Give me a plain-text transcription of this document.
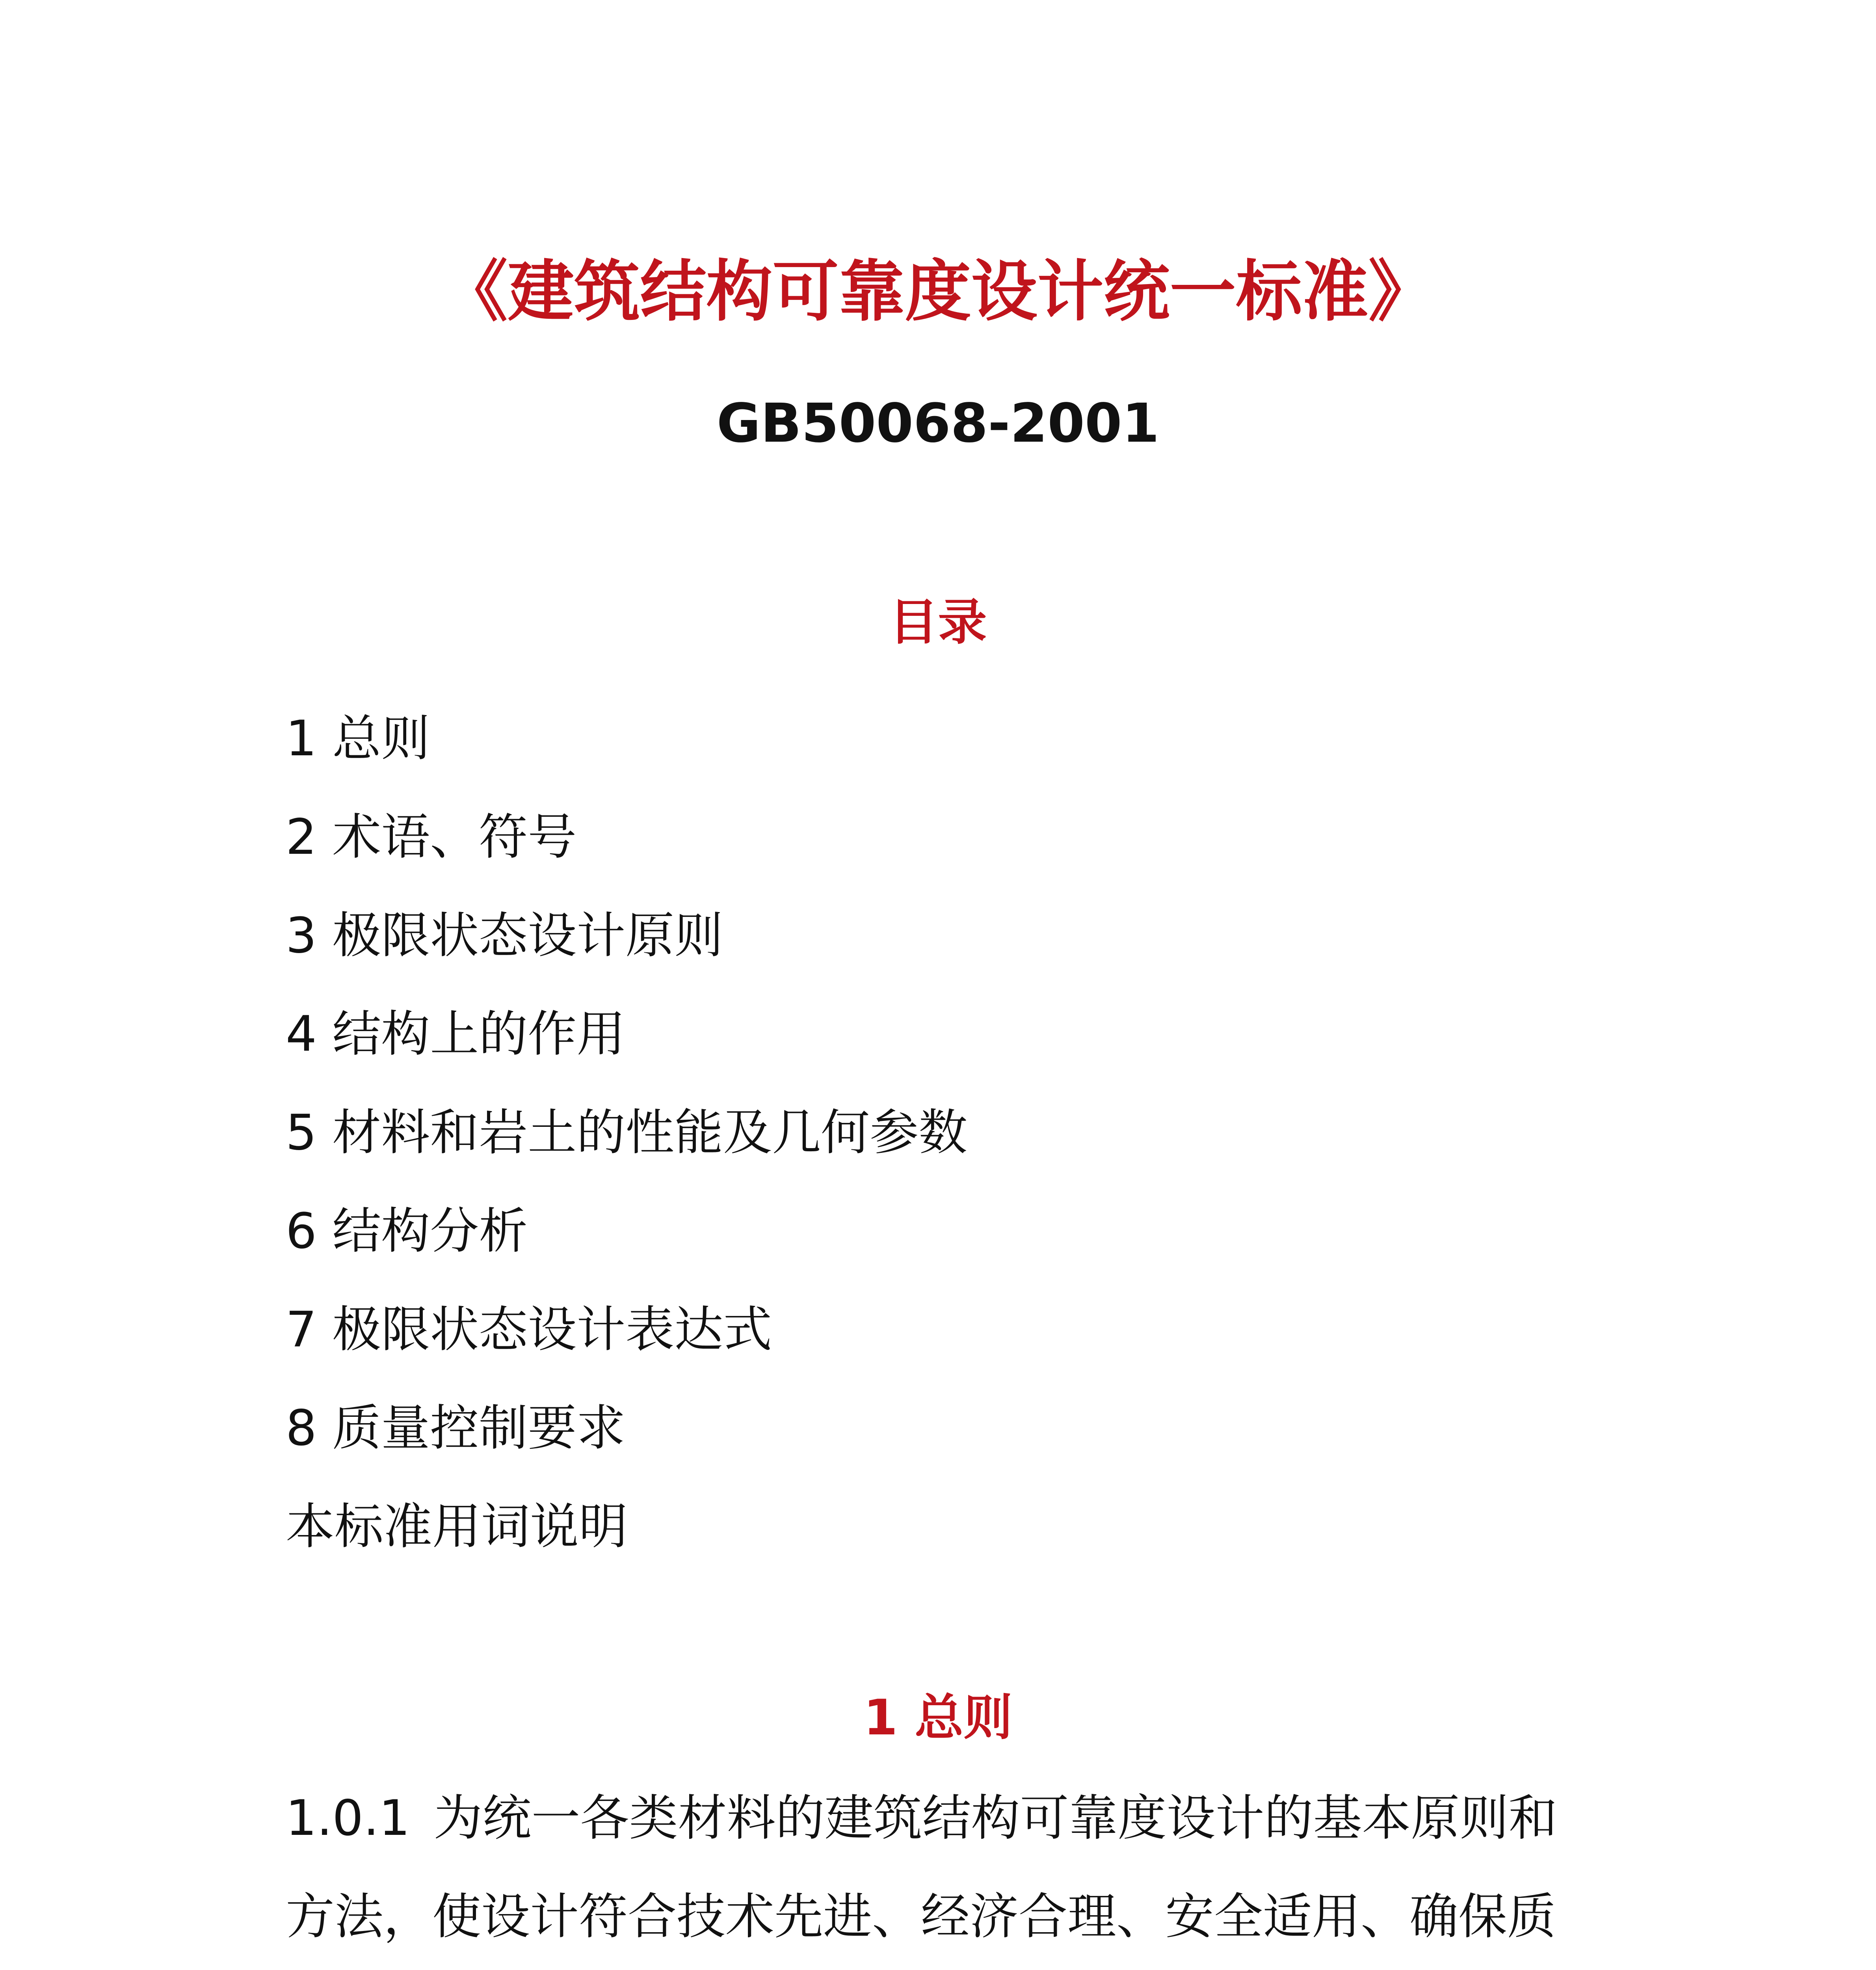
《建筑结构可靠度设计统一标准》
GB50068-2001
目录
1 总则
2 术语、符号
3 极限状态设计原则
4 结构上的作用
5 材料和岩土的性能及几何参数
6 结构分析
7 极限状态设计表达式
8 质量控制要求
本标准用词说明
1 总则

1.0.1 为统一各类材料的建筑结构可靠度设计的基本原则和
方法，使设计符合技术先进、经济合理、安全适用、确保质
